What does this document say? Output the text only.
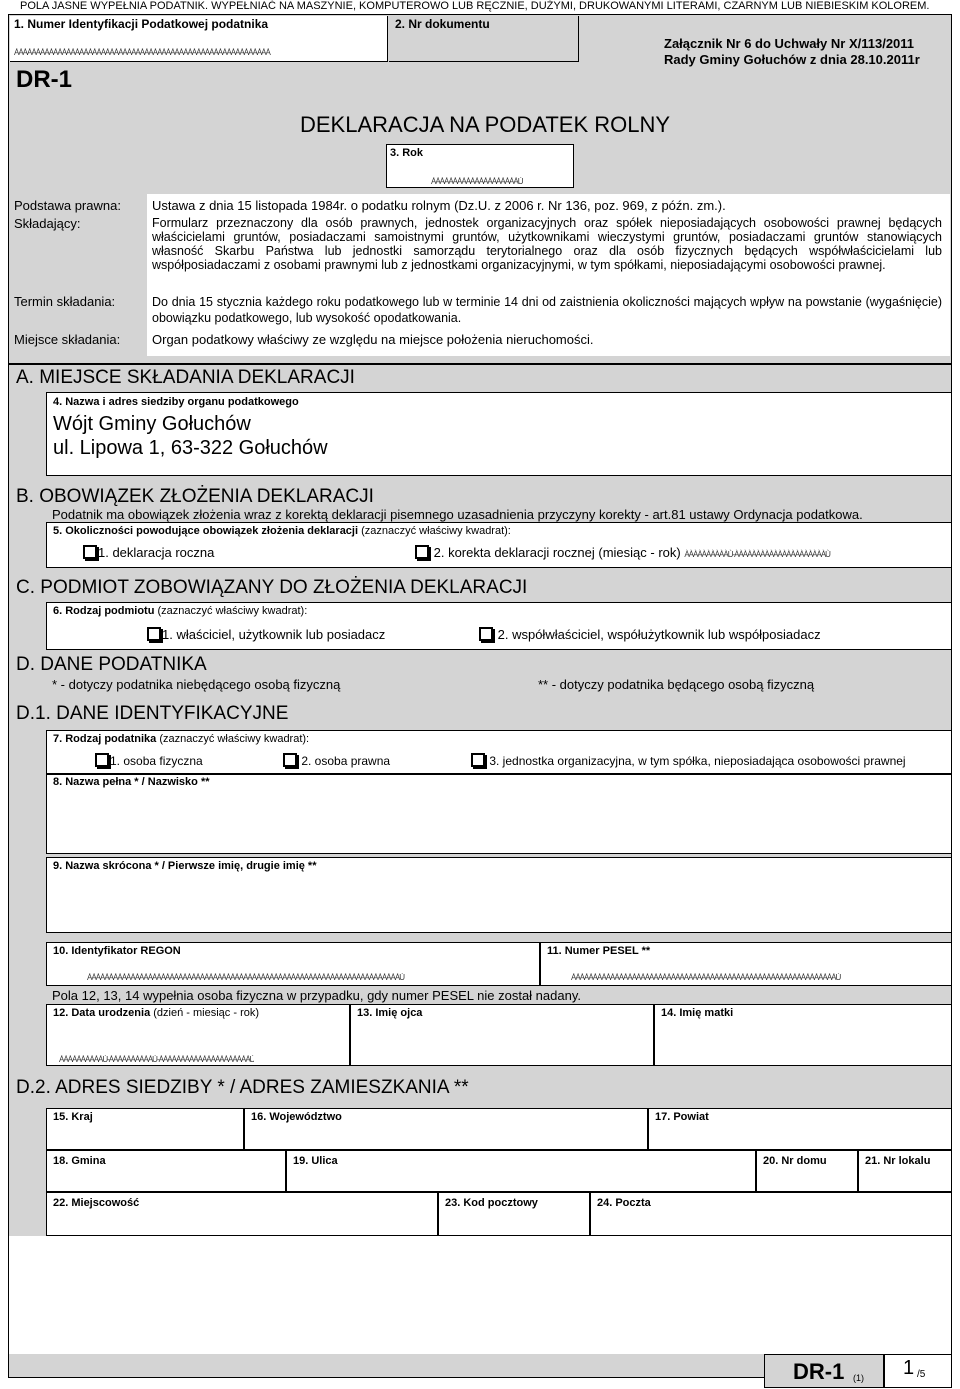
POLA JASNE WYPEŁNIA PODATNIK. WYPEŁNIAĆ NA MASZYNIE, KOMPUTEROWO LUB RĘCZNIE, DUŻYMI, DRUKOWANYMI LITERAMI, CZARNYM LUB NIEBIESKIM KOLOREM.
1. Numer Identyfikacji Podatkowej podatnika
ÀÀÀÀÀÀÀÀÀÀÀÀÀÀÀÀÀÀÀÀÀÀÀÀÀÀÀÀÀÀÀÀÀÀÀÀÀÀÀÀÀÀÀÀÀÀÀÀÀÀÀÀÀÀÀÀÀÀÀ
DR-1
2. Nr dokumentu
Załącznik Nr 6 do Uchwały Nr X/113/2011
Rady Gminy Gołuchów z dnia 28.10.2011r
DEKLARACJA NA PODATEK ROLNY
3. Rok
ÀÀÀÀÀÀÀÀÀÀÀÀÀÀÀÀÀÀÀÀÙ
Podstawa prawna: Ustawa z dnia 15 listopada 1984r. o podatku rolnym (Dz.U. z 2006 r. Nr 136, poz. 969, z późn. zm.).
Składający:	Formularz przeznaczony dla osób prawnych, jednostek organizacyjnych oraz spółek nieposiadających osobowości prawnej będących właścicielami gruntów, posiadaczami samoistnymi gruntów, użytkownikami wieczystymi gruntów, posiadaczami gruntów stanowiących własność Skarbu Państwa lub jednostki samorządu terytorialnego oraz dla osób fizycznych będących współwłaścicielami lub współposiadaczami z osobami prawnymi lub z jednostkami organizacyjnymi, w tym spółkami, nieposiadającymi osobowości prawnej.
Termin składania:	Do dnia 15 stycznia każdego roku podatkowego lub w terminie 14 dni od zaistnienia okoliczności mających wpływ na powstanie (wygaśnięcie) obowiązku podatkowego, lub wysokość opodatkowania.
Miejsce składania: Organ podatkowy właściwy ze względu na miejsce położenia nieruchomości.
A. MIEJSCE SKŁADANIA DEKLARACJI
4. Nazwa i adres siedziby organu podatkowego
Wójt Gminy Gołuchów
ul. Lipowa 1, 63-322 Gołuchów
B. OBOWIĄZEK ZŁOŻENIA DEKLARACJI
Podatnik ma obowiązek złożenia wraz z korektą deklaracji pisemnego uzasadnienia przyczyny korekty - art.81 ustawy Ordynacja podatkowa.
5. Okoliczności powodujące obowiązek złożenia deklaracji (zaznaczyć właściwy kwadrat):
1. deklaracja roczna	2. korekta deklaracji rocznej (miesiąc - rok) ÀÀÀÀÀÀÀÀÀÀÙ-ÀÀÀÀÀÀÀÀÀÀÀÀÀÀÀÀÀÀÀÀÀÙ
C. PODMIOT ZOBOWIĄZANY DO ZŁOŻENIA DEKLARACJI
6. Rodzaj podmiotu (zaznaczyć właściwy kwadrat):
1. właściciel, użytkownik lub posiadacz	2. współwłaściciel, współużytkownik lub współposiadacz
D. DANE PODATNIKA
* - dotyczy podatnika niebędącego osobą fizyczną	** - dotyczy podatnika będącego osobą fizyczną
D.1. DANE IDENTYFIKACYJNE
7. Rodzaj podatnika (zaznaczyć właściwy kwadrat):
1. osoba fizyczna	2. osoba prawna	3. jednostka organizacyjna, w tym spółka, nieposiadająca osobowości prawnej
8. Nazwa pełna * / Nazwisko **
9. Nazwa skrócona * / Pierwsze imię, drugie imię **
10. Identyfikator REGON
ÀÀÀÀÀÀÀÀÀÀÀÀÀÀÀÀÀÀÀÀÀÀÀÀÀÀÀÀÀÀÀÀÀÀÀÀÀÀÀÀÀÀÀÀÀÀÀÀÀÀÀÀÀÀÀÀÀÀÀÀÀÀÀÀÀÀÀÀÀÀÀÀÙ
11. Numer PESEL **
ÀÀÀÀÀÀÀÀÀÀÀÀÀÀÀÀÀÀÀÀÀÀÀÀÀÀÀÀÀÀÀÀÀÀÀÀÀÀÀÀÀÀÀÀÀÀÀÀÀÀÀÀÀÀÀÀÀÀÀÀÀÙ
Pola 12, 13, 14 wypełnia osoba fizyczna w przypadku, gdy numer PESEL nie został nadany.
12. Data urodzenia (dzień - miesiąc - rok)
ÀÀÀÀÀÀÀÀÀÀÙ-ÀÀÀÀÀÀÀÀÀÀÙ-ÀÀÀÀÀÀÀÀÀÀÀÀÀÀÀÀÀÀÀÀÀÙ
13. Imię ojca	14. Imię matki
D.2. ADRES SIEDZIBY * / ADRES ZAMIESZKANIA **
15. Kraj	16. Województwo	17. Powiat
18. Gmina	19. Ulica	20. Nr domu	21. Nr lokalu
22. Miejscowość	23. Kod pocztowy	24. Poczta
DR-1 (1) 1 /5
